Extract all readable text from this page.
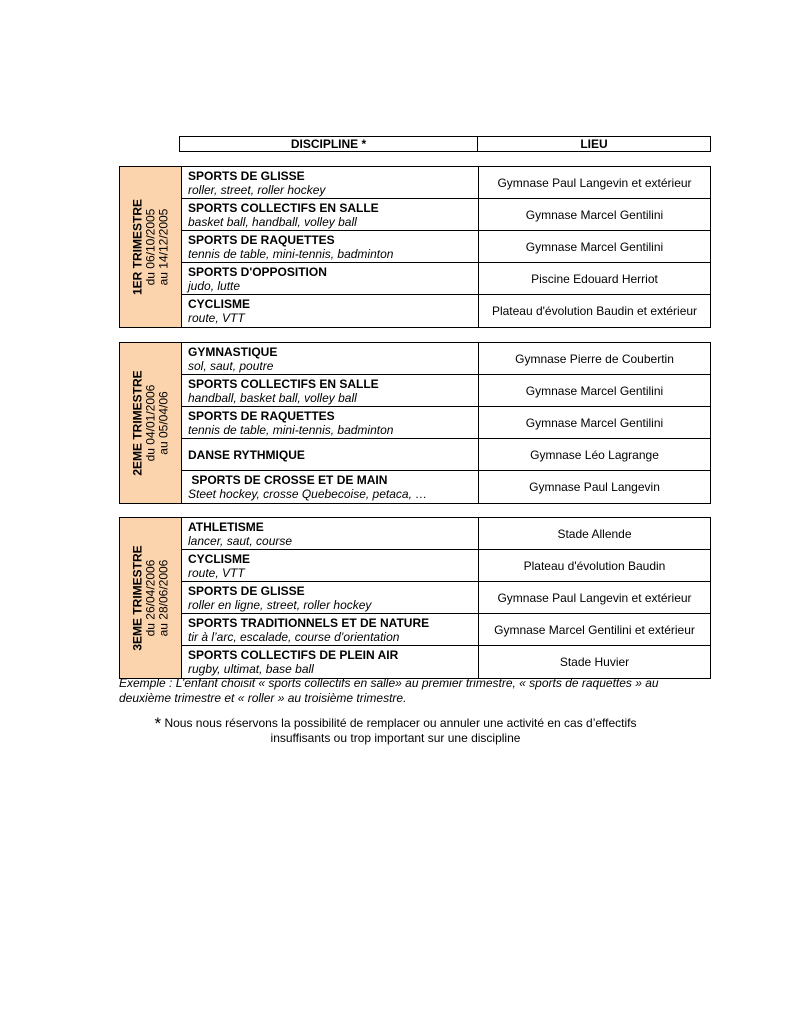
DISCIPLINE *	LIEU
1ER TRIMESTRE du 06/10/2005 au 14/12/2005
SPORTS DE GLISSE
roller, street, roller hockey	Gymnase Paul Langevin et extérieur
SPORTS COLLECTIFS EN SALLE
basket ball, handball, volley ball	Gymnase Marcel Gentilini
SPORTS DE RAQUETTES
tennis de table, mini-tennis, badminton	Gymnase Marcel Gentilini
SPORTS D'OPPOSITION
judo, lutte	Piscine Edouard Herriot
CYCLISME
route, VTT	Plateau d'évolution Baudin et extérieur
2EME TRIMESTRE du 04/01/2006 au 05/04/06
GYMNASTIQUE
sol, saut, poutre	Gymnase Pierre de Coubertin
SPORTS COLLECTIFS EN SALLE
handball, basket ball, volley ball	Gymnase Marcel Gentilini
SPORTS DE RAQUETTES
tennis de table, mini-tennis, badminton	Gymnase Marcel Gentilini
DANSE RYTHMIQUE	Gymnase Léo Lagrange
SPORTS DE CROSSE ET DE MAIN
Steet hockey, crosse Quebecoise, petaca, …	Gymnase Paul Langevin
3EME TRIMESTRE du 26/04/2006 au 28/06/2006
ATHLETISME
lancer, saut, course	Stade Allende
CYCLISME
route, VTT	Plateau d'évolution Baudin
SPORTS DE GLISSE
roller en ligne, street, roller hockey	Gymnase Paul Langevin et extérieur
SPORTS TRADITIONNELS ET DE NATURE
tir à l’arc, escalade, course d’orientation	Gymnase Marcel Gentilini et extérieur
SPORTS COLLECTIFS DE PLEIN AIR
rugby, ultimat, base ball	Stade Huvier
Exemple : L’enfant choisit « sports collectifs en salle» au premier trimestre, « sports de raquettes » au
deuxième trimestre et « roller » au troisième trimestre.
* Nous nous réservons la possibilité de remplacer ou annuler une activité en cas d’effectifs
insuffisants ou trop important sur une discipline
